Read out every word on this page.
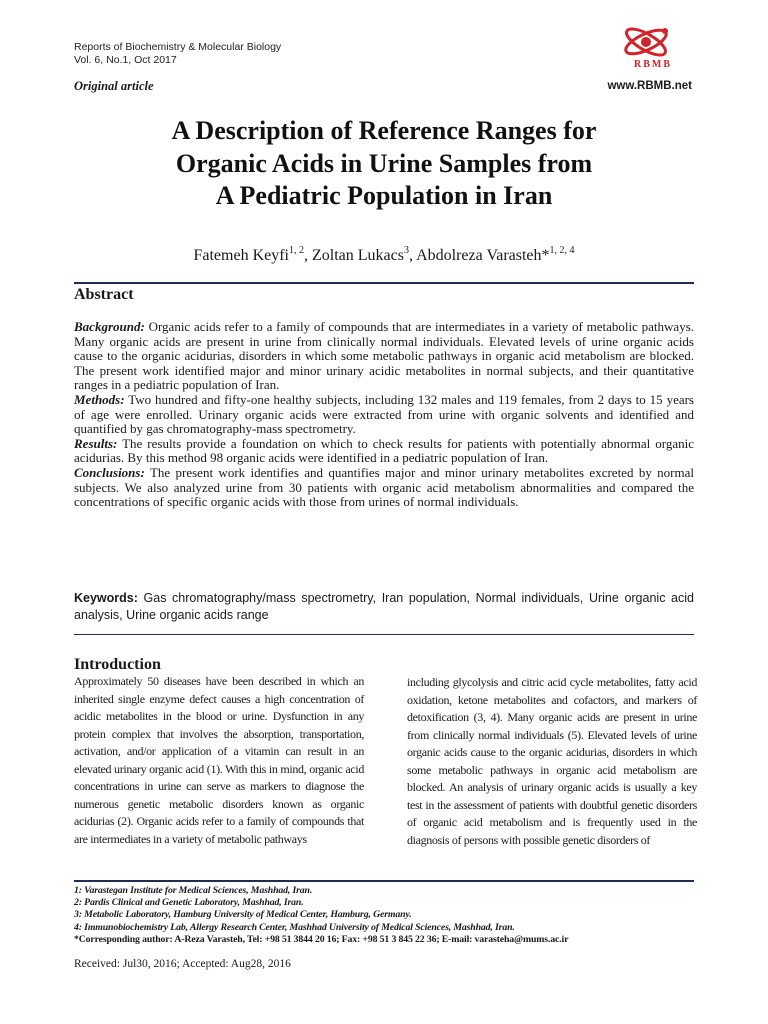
Reports of Biochemistry & Molecular Biology
Vol. 6, No.1, Oct 2017	RBMB
Original article	www.RBMB.net
A Description of Reference Ranges for
Organic Acids in Urine Samples from
A Pediatric Population in Iran
Fatemeh Keyfi$^{1, 2}$, Zoltan Lukacs$^3$, Abdolreza Varasteh*$^{1, 2, 4}$
Abstract

Background: Organic acids refer to a family of compounds that are intermediates in a variety of metabolic pathways. Many organic acids are present in urine from clinically normal individuals. Elevated levels of urine organic acids cause to the organic acidurias, disorders in which some metabolic pathways in organic acid metabolism are blocked. The present work identified major and minor urinary acidic metabolites in normal subjects, and their quantitative ranges in a pediatric population of Iran.

Methods: Two hundred and fifty-one healthy subjects, including 132 males and 119 females, from 2 days to 15 years of age were enrolled. Urinary organic acids were extracted from urine with organic solvents and identified and quantified by gas chromatography-mass spectrometry.

Results: The results provide a foundation on which to check results for patients with potentially abnormal organic acidurias. By this method 98 organic acids were identified in a pediatric population of Iran.

Conclusions: The present work identifies and quantifies major and minor urinary metabolites excreted by normal subjects. We also analyzed urine from 30 patients with organic acid metabolism abnormalities and compared the concentrations of specific organic acids with those from urines of normal individuals.

Keywords: Gas chromatography/mass spectrometry, Iran population, Normal individuals, Urine organic acid analysis, Urine organic acids range
Introduction
Approximately 50 diseases have been described in which an inherited single enzyme defect causes a high concentration of acidic metabolites in the blood or urine. Dysfunction in any protein complex that involves the absorption, transportation, activation, and/or application of a vitamin can result in an elevated urinary organic acid (1). With this in mind, organic acid concentrations in urine can serve as markers to diagnose the numerous genetic metabolic disorders known as organic acidurias (2). Organic acids refer to a family of compounds that are intermediates in a variety of metabolic pathways
including glycolysis and citric acid cycle metabolites, fatty acid oxidation, ketone metabolites and cofactors, and markers of detoxification (3, 4). Many organic acids are present in urine from clinically normal individuals (5). Elevated levels of urine organic acids cause to the organic acidurias, disorders in which some metabolic pathways in organic acid metabolism are blocked. An analysis of urinary organic acids is usually a key test in the assessment of patients with doubtful genetic disorders of organic acid metabolism and is frequently used in the diagnosis of persons with possible genetic disorders of
1: Varastegan Institute for Medical Sciences, Mashhad, Iran.
2: Pardis Clinical and Genetic Laboratory, Mashhad, Iran.
3: Metabolic Laboratory, Hamburg University of Medical Center, Hamburg, Germany.
4: Immunobiochemistry Lab, Allergy Research Center, Mashhad University of Medical Sciences, Mashhad, Iran.
*Corresponding author: A-Reza Varasteh, Tel: +98 51 3844 20 16; Fax: +98 51 3 845 22 36; E-mail: varasteha@mums.ac.ir
Received: Jul30, 2016; Accepted: Aug28, 2016
